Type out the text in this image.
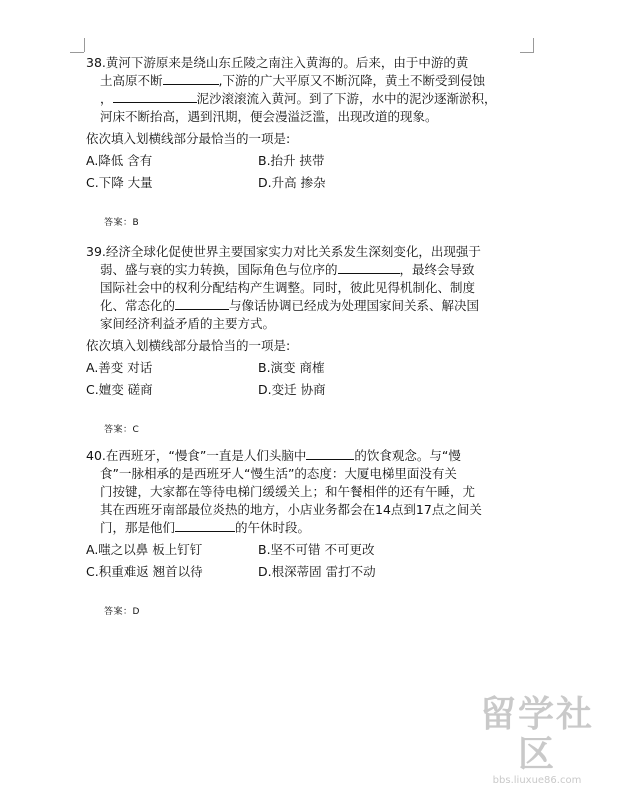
38.黄河下游原来是绕山东丘陵之南注入黄海的。后来，由于中游的黄
土高原不断	,下游的广大平原又不断沉降，黄土不断受到侵蚀
，	泥沙滚滚流入黄河。到了下游，水中的泥沙逐渐淤积，
河床不断抬高，遇到汛期，便会漫溢泛滥，出现改道的现象。
依次填入划横线部分最恰当的一项是:
A.降低 含有	B.抬升 挟带
C.下降 大量	D.升高 掺杂
答案：B
39.经济全球化促使世界主要国家实力对比关系发生深刻变化，出现强于
弱、盛与衰的实力转换，国际角色与位序的	，最终会导致
国际社会中的权利分配结构产生调整。同时，彼此见得机制化、制度
化、常态化的	与像话协调已经成为处理国家间关系、解决国
家间经济利益矛盾的主要方式。
依次填入划横线部分最恰当的一项是:
A.善变 对话	B.演变 商榷
C.嬗变 磋商	D.变迁 协商
答案：C
40.在西班牙，“慢食”一直是人们头脑中	的饮食观念。与“慢
食”一脉相承的是西班牙人“慢生活”的态度：大厦电梯里面没有关
门按键，大家都在等待电梯门缓缓关上；和午餐相伴的还有午睡，尤
其在西班牙南部最位炎热的地方，小店业务都会在14点到17点之间关
门，那是他们	的午休时段。
A.嗤之以鼻 板上钉钉	B.坚不可错 不可更改
C.积重难返 翘首以待	D.根深蒂固 雷打不动
答案：D
留学社区
bbs.liuxue86.com
